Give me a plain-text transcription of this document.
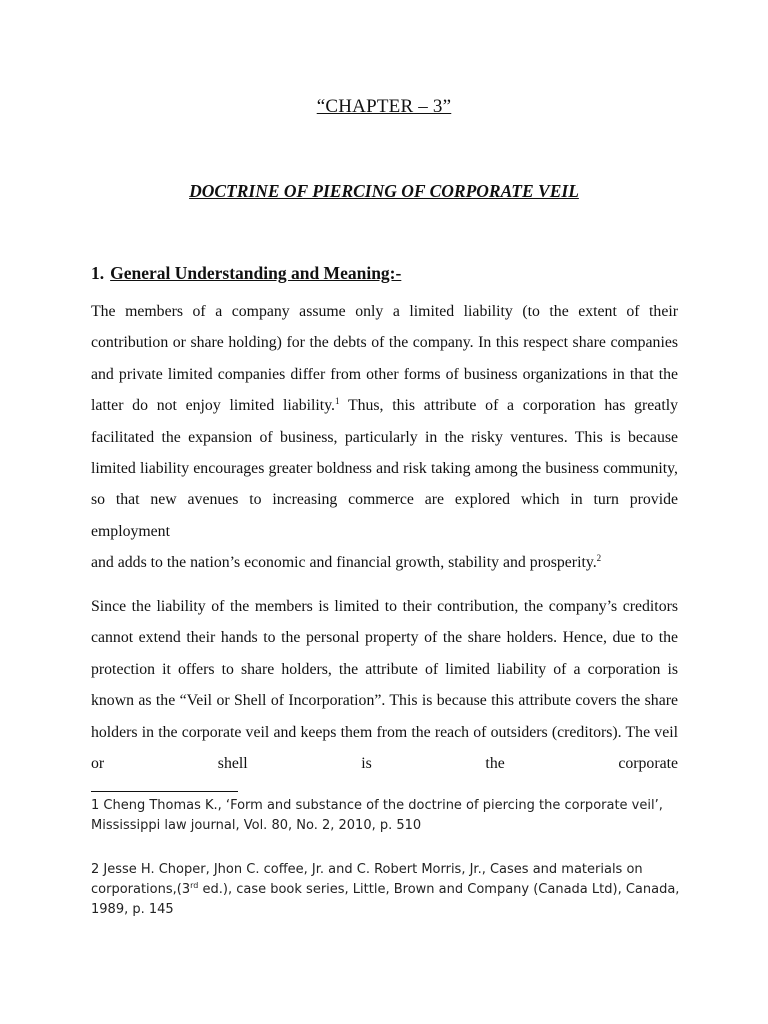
“CHAPTER – 3”
DOCTRINE OF PIERCING OF CORPORATE VEIL
1. General Understanding and Meaning:-

The members of a company assume only a limited liability (to the extent of their contribution or share holding) for the debts of the company. In this respect share companies and private limited companies differ from other forms of business organizations in that the latter do not enjoy limited liability.$^1$ Thus, this attribute of a corporation has greatly facilitated the expansion of business, particularly in the risky ventures. This is because limited liability encourages greater boldness and risk taking among the business community, so that new avenues to increasing commerce are explored which in turn provide employment
and adds to the nation’s economic and financial growth, stability and prosperity.$^2$

Since the liability of the members is limited to their contribution, the company’s creditors cannot extend their hands to the personal property of the share holders. Hence, due to the protection it offers to share holders, the attribute of limited liability of a corporation is known as the “Veil or Shell of Incorporation”. This is because this attribute covers the share holders in the corporate veil and keeps them from the reach of outsiders (creditors). The veil or shell is the corporate

1 Cheng Thomas K., ‘Form and substance of the doctrine of piercing the corporate veil’, Mississippi law journal, Vol. 80, No. 2, 2010, p. 510

2 Jesse H. Choper, Jhon C. coffee, Jr. and C. Robert Morris, Jr., Cases and materials on corporations,(3rd ed.), case book series, Little, Brown and Company (Canada Ltd), Canada, 1989, p. 145
